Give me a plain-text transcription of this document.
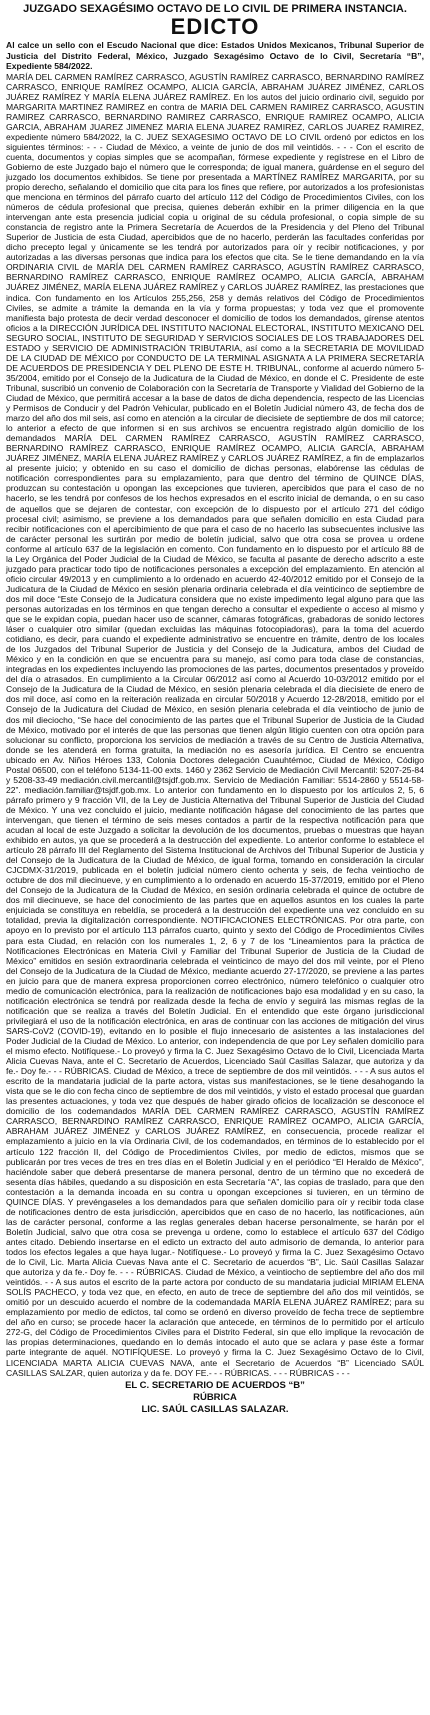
JUZGADO SEXAGÉSIMO OCTAVO DE LO CIVIL DE PRIMERA INSTANCIA.
EDICTO
Al calce un sello con el Escudo Nacional que dice: Estados Unidos Mexicanos, Tribunal Superior de Justicia del Distrito Federal, México, Juzgado Sexagésimo Octavo de lo Civil, Secretaría “B”, Expediente 584/2022.

MARÍA DEL CARMEN RAMÍREZ CARRASCO, AGUSTÍN RAMÍREZ CARRASCO, BERNARDINO RAMÍREZ CARRASCO, ENRIQUE RAMÍREZ OCAMPO, ALICIA GARCÍA, ABRAHAM JUÁREZ JIMÉNEZ, CARLOS JUÁREZ RAMÍREZ Y MARÍA ELENA JUÁREZ RAMÍREZ. En los autos del juicio ordinario civil, seguido por MARGARITA MARTINEZ RAMIREZ en contra de MARIA DEL CARMEN RAMIREZ CARRASCO, AGUSTIN RAMIREZ CARRASCO, BERNARDINO RAMIREZ CARRASCO, ENRIQUE RAMIREZ OCAMPO, ALICIA GARCIA, ABRAHAM JUAREZ JIMENEZ MARIA ELENA JUAREZ RAMIREZ, CARLOS JUAREZ RAMIREZ, expediente número 584/2022, la C. JUEZ SEXAGESIMO OCTAVO DE LO CIVIL ordenó por edictos en los siguientes términos: - - - Ciudad de México, a veinte de junio de dos mil veintidós. - - - Con el escrito de cuenta, documentos y copias simples que se acompañan, fórmese expediente y regístrese en el Libro de Gobierno de este Juzgado bajo el número que le corresponda; de igual manera, guárdense en el seguro del juzgado los documentos exhibidos. Se tiene por presentada a MARTÍNEZ RAMÍREZ MARGARITA, por su propio derecho, señalando el domicilio que cita para los fines que refiere, por autorizados a los profesionistas que menciona en términos del párrafo cuarto del artículo 112 del Código de Procedimientos Civiles, con los números de cédula profesional que precisa, quienes deberán exhibir en la primer diligencia en la que intervengan ante esta presencia judicial copia u original de su cédula profesional, o copia simple de su constancia de registro ante la Primera Secretaría de Acuerdos de la Presidencia y del Pleno del Tribunal Superior de Justicia de esta Ciudad, apercibidos que de no hacerlo, perderán las facultades conferidas por dicho precepto legal y únicamente se les tendrá por autorizados para oír y recibir notificaciones, y por autorizadas a las diversas personas que indica para los efectos que cita. Se le tiene demandando en la vía ORDINARIA CIVIL de MARÍA DEL CARMEN RAMÍREZ CARRASCO, AGUSTÍN RAMÍREZ CARRASCO, BERNARDINO RAMÍREZ CARRASCO, ENRIQUE RAMÍREZ OCAMPO, ALICIA GARCÍA, ABRAHAM JUÁREZ JIMÉNEZ, MARÍA ELENA JUÁREZ RAMÍREZ y CARLOS JUÁREZ RAMÍREZ, las prestaciones que indica. Con fundamento en los Artículos 255,256, 258 y demás relativos del Código de Procedimientos Civiles, se admite a trámite la demanda en la vía y forma propuestas; y toda vez que el promovente manifiesta bajo protesta de decir verdad desconocer el domicilio de todos los demandados, gírense atentos oficios a la DIRECCIÓN JURÍDICA DEL INSTITUTO NACIONAL ELECTORAL, INSTITUTO MEXICANO DEL SEGURO SOCIAL, INSTITUTO DE SEGURIDAD Y SERVICIOS SOCIALES DE LOS TRABAJADORES DEL ESTADO y SERVICIO DE ADMINISTRACIÓN TRIBUTARIA, así como a la SECRETARIA DE MOVILIDAD DE LA CIUDAD DE MÉXICO por CONDUCTO DE LA TERMINAL ASIGNATA A LA PRIMERA SECRETARÍA DE ACUERDOS DE PRESIDENCIA Y DEL PLENO DE ESTE H. TRIBUNAL, conforme al acuerdo número 5-35/2004, emitido por el Consejo de la Judicatura de la Ciudad de México, en donde el C. Presidente de este Tribunal, suscribió un convenio de Colaboración con la Secretaría de Transporte y Vialidad del Gobierno de la Ciudad de México, que permitirá accesar a la base de datos de dicha dependencia, respecto de las Licencias y Permisos de Conducir y del Padrón Vehicular, publicado en el Boletín Judicial número 43, de fecha dos de marzo del año dos mil seis, así como en atención a la circular de diecisiete de septiembre de dos mil catorce; lo anterior a efecto de que informen si en sus archivos se encuentra registrado algún domicilio de los demandados MARÍA DEL CARMEN RAMÍREZ CARRASCO, AGUSTÍN RAMÍREZ CARRASCO, BERNARDINO RAMÍREZ CARRASCO, ENRIQUE RAMÍREZ OCAMPO, ALICIA GARCÍA, ABRAHAM JUÁREZ JIMÉNEZ, MARÍA ELENA JUÁREZ RAMÍREZ y CARLOS JUÁREZ RAMÍREZ, a fin de emplazarlos al presente juicio; y obtenido en su caso el domicilio de dichas personas, elabórense las cédulas de notificación correspondientes para su emplazamiento, para que dentro del término de QUINCE DÍAS, produzcan su contestación u opongan las excepciones que tuvieren, apercibidos que para el caso de no hacerlo, se les tendrá por confesos de los hechos expresados en el escrito inicial de demanda, o en su caso de aquellos que se dejaren de contestar, con excepción de lo dispuesto por el artículo 271 del código procesal civil; asimismo, se previene a los demandados para que señalen domicilio en esta Ciudad para recibir notificaciones con el apercibimiento de que para el caso de no hacerlo las subsecuentes inclusive las de carácter personal les surtirán por medio de boletín judicial, salvo que otra cosa se provea u ordene conforme al artículo 637 de la legislación en comento. Con fundamento en lo dispuesto por el artículo 88 de la Ley Orgánica del Poder Judicial de la Ciudad de México, se faculta al pasante de derecho adscrito a este juzgado para practicar todo tipo de notificaciones personales a excepción del emplazamiento. En atención al oficio circular 49/2013 y en cumplimiento a lo ordenado en acuerdo 42-40/2012 emitido por el Consejo de la Judicatura de la Ciudad de México en sesión plenaria ordinaria celebrada el día veinticinco de septiembre de dos mil doce “Este Consejo de la Judicatura considera que no existe impedimento legal alguno para que las personas autorizadas en los términos en que tengan derecho a consultar el expediente o acceso al mismo y que se le expidan copia, puedan hacer uso de scanner, cámaras fotográficas, grabadoras de sonido lectores láser o cualquier otro similar (quedan excluidas las máquinas fotocopiadoras), para la toma del acuerdo cotidiano, es decir, para cuando el expediente administrativo se encuentre en trámite, dentro de los locales de los Juzgados del Tribunal Superior de Justicia y del Consejo de la Judicatura, ambos del Ciudad de México y en la condición en que se encuentra para su manejo, así como para toda clase de constancias, integradas en los expedientes incluyendo las promociones de las partes, documentos presentados y proveído del día o atrasados. En cumplimiento a la Circular 06/2012 así como al Acuerdo 10-03/2012 emitido por el Consejo de la Judicatura de la Ciudad de México, en sesión plenaria celebrada el día diecisiete de enero de dos mil doce, así como en la reiteración realizada en circular 50/2018 y Acuerdo 12-28/2018, emitido por el Consejo de la Judicatura del Ciudad de México, en sesión plenaria celebrada el día veintiocho de junio de dos mil dieciocho, “Se hace del conocimiento de las partes que el Tribunal Superior de Justicia de la Ciudad de México, motivado por el interés de que las personas que tienen algún litigio cuenten con otra opción para solucionar su conflicto, proporciona los servicios de mediación a través de su Centro de Justicia Alternativa, donde se les atenderá en forma gratuita, la mediación no es asesoría jurídica. El Centro se encuentra ubicado en Av. Niños Héroes 133, Colonia Doctores delegación Cuauhtémoc, Ciudad de México, Código Postal 06500, con el teléfono 5134-11-00 exts. 1460 y 2362 Servicio de Mediación Civil Mercantil: 5207-25-84 y 5208-33-49 mediación.civil.mercantil@tsjdf.gob.mx. Servicio de Mediación Familiar: 5514-2860 y 5514-58-22”. mediación.familiar@tsjdf.gob.mx. Lo anterior con fundamento en lo dispuesto por los artículos 2, 5, 6 párrafo primero y 9 fracción VII, de la Ley de Justicia Alternativa del Tribunal Superior de Justicia del Ciudad de México. Y una vez concluido el juicio, mediante notificación hágase del conocimiento de las partes que intervengan, que tienen el término de seis meses contados a partir de la respectiva notificación para que acudan al local de este Juzgado a solicitar la devolución de los documentos, pruebas o muestras que hayan exhibido en autos, ya que se procederá a la destrucción del expediente. Lo anterior conforme lo establece el artículo 28 párrafo III del Reglamento del Sistema Institucional de Archivos del Tribunal Superior de Justicia y del Consejo de la Judicatura de la Ciudad de México, de igual forma, tomando en consideración la circular CJCDMX-31/2019, publicada en el boletín judicial número ciento ochenta y seis, de fecha veintiocho de octubre de dos mil diecinueve, y en cumplimiento a lo ordenado en acuerdo 15-37/2019, emitido por el Pleno del Consejo de la Judicatura de la Ciudad de México, en sesión ordinaria celebrada el quince de octubre de dos mil diecinueve, se hace del conocimiento de las partes que en aquellos asuntos en los cuales la parte enjuiciada se constituya en rebeldía, se procederá a la destrucción del expediente una vez concluido en su totalidad, previa la digitalización correspondiente. NOTIFICACIONES ELECTRÓNICAS. Por otra parte, con apoyo en lo previsto por el artículo 113 párrafos cuarto, quinto y sexto del Código de Procedimientos Civiles para esta Ciudad, en relación con los numerales 1, 2, 6 y 7 de los “Lineamientos para la práctica de Notificaciones Electrónicas en Materia Civil y Familiar del Tribunal Superior de Justicia de la Ciudad de México” emitidos en sesión extraordinaria celebrada el veinticinco de mayo del dos mil veinte, por el Pleno del Consejo de la Judicatura de la Ciudad de México, mediante acuerdo 27-17/2020, se previene a las partes en juicio para que de manera expresa proporcionen correo electrónico, número telefónico o cualquier otro medio de comunicación electrónica, para la realización de notificaciones bajo esa modalidad y en su caso, la notificación electrónica se tendrá por realizada desde la fecha de envío y seguirá las mismas reglas de la notificación que se realiza a través del Boletín Judicial. En el entendido que este órgano jurisdiccional privilegiará el uso de la notificación electrónica, en aras de continuar con las acciones de mitigación del virus SARS-CoV2 (COVID-19), evitando en lo posible el flujo innecesario de asistentes a las instalaciones del Poder Judicial de la Ciudad de México. Lo anterior, con independencia de que por Ley señalen domicilio para el mismo efecto. Notifíquese.- Lo proveyó y firma la C. Juez Sexagésimo Octavo de lo Civil, Licenciada Marta Alicia Cuevas Nava, ante el C. Secretario de Acuerdos, Licenciado Saúl Casillas Salazar, que autoriza y da fe.- Doy fe.- - - RÚBRICAS. Ciudad de México, a trece de septiembre de dos mil veintidós. - - - A sus autos el escrito de la mandataria judicial de la parte actora, vistas sus manifestaciones, se le tiene desahogando la vista que se le dio con fecha cinco de septiembre de dos mil veintidós, y visto el estado procesal que guardan las presentes actuaciones, y toda vez que después de haber girado oficios de localización se desconoce el domicilio de los codemandados MARÍA DEL CARMEN RAMÍREZ CARRASCO, AGUSTÍN RAMÍREZ CARRASCO, BERNARDINO RAMÍREZ CARRASCO, ENRIQUE RAMÍREZ OCAMPO, ALICIA GARCÍA, ABRAHAM JUÁREZ JIMÉNEZ y CARLOS JUÁREZ RAMÍREZ, en consecuencia, procede realizar el emplazamiento a juicio en la vía Ordinaria Civil, de los codemandados, en términos de lo establecido por el artículo 122 fracción II, del Código de Procedimientos Civiles, por medio de edictos, mismos que se publicarán por tres veces de tres en tres días en el Boletín Judicial y en el periódico “El Heraldo de México”, haciéndole saber que deberá presentarse de manera personal, dentro de un término que no excederá de sesenta días hábiles, quedando a su disposición en esta Secretaría “A”, las copias de traslado, para que den contestación a la demanda incoada en su contra u opongan excepciones si tuvieren, en un término de QUINCE DÍAS. Y prevéngaseles a los demandados para que señalen domicilio para oír y recibir toda clase de notificaciones dentro de esta jurisdicción, apercibidos que en caso de no hacerlo, las notificaciones, aún las de carácter personal, conforme a las reglas generales deban hacerse personalmente, se harán por el Boletín Judicial, salvo que otra cosa se prevenga u ordene, como lo establece el artículo 637 del Código antes citado. Debiendo insertarse en el edicto un extracto del auto admisorio de demanda, lo anterior para todos los efectos legales a que haya lugar.- Notifíquese.- Lo proveyó y firma la C. Juez Sexagésimo Octavo de lo Civil, Lic. Marta Alicia Cuevas Nava ante el C. Secretario de acuerdos “B”, Lic. Saúl Casillas Salazar que autoriza y da fe.- Doy fe. - - - RÚBRICAS. Ciudad de México, a veintiocho de septiembre del año dos mil veintidós. - - A sus autos el escrito de la parte actora por conducto de su mandataria judicial MIRIAM ELENA SOLÍS PACHECO, y toda vez que, en efecto, en auto de trece de septiembre del año dos mil veintidós, se omitió por un descuido acuerdo el nombre de la codemandada MARÍA ELENA JUÁREZ RAMÍREZ; para su emplazamiento por medio de edictos, tal como se ordenó en diverso proveído de fecha trece de septiembre del año en curso; se procede hacer la aclaración que antecede, en términos de lo permitido por el artículo 272-G, del Código de Procedimientos Civiles para el Distrito Federal, sin que ello implique la revocación de las propias determinaciones, quedando en lo demás intocado el auto que se aclara y pase éste a formar parte integrante de aquél. NOTIFÍQUESE. Lo proveyó y firma la C. Juez Sexagésimo Octavo de lo Civil, LICENCIADA MARTA ALICIA CUEVAS NAVA, ante el Secretario de Acuerdos “B” Licenciado SAÚL CASILLAS SALZAR, quien autoriza y da fe. DOY FE.- - - RÚBRICAS. - - - RÚBRICAS - - -

EL C. SECRETARIO DE ACUERDOS “B”
RÚBRICA
LIC. SAÚL CASILLAS SALAZAR.
